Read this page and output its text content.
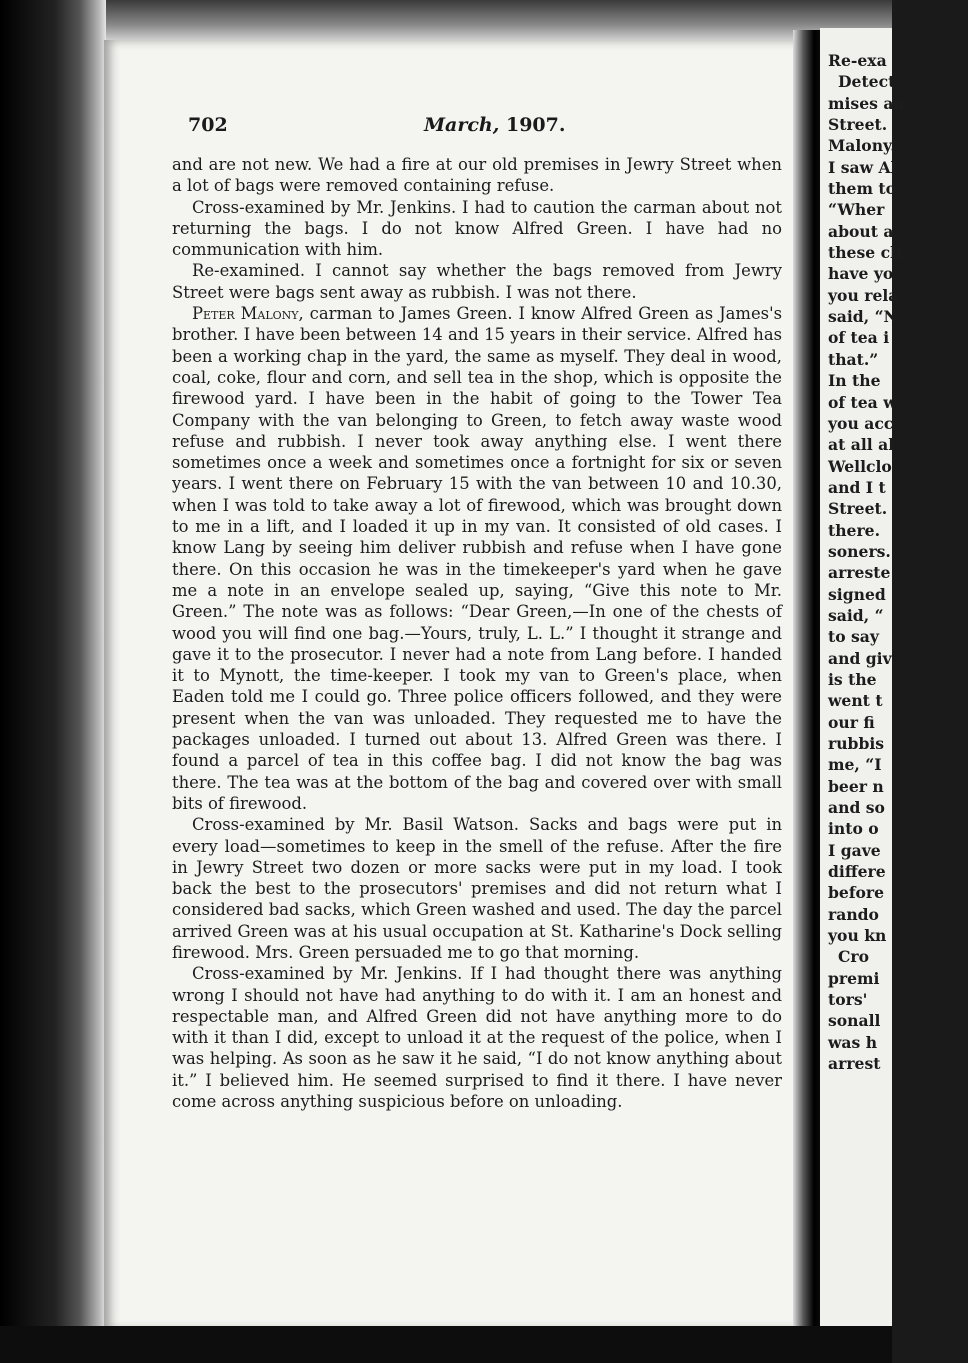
702	March, 1907.

and are not new. We had a fire at our old premises in Jewry Street when a lot of bags were removed containing refuse.

Cross-examined by Mr. Jenkins. I had to caution the carman about not returning the bags. I do not know Alfred Green. I have had no communication with him.

Re-examined. I cannot say whether the bags removed from Jewry Street were bags sent away as rubbish. I was not there.

Peter Malony, carman to James Green. I know Alfred Green as James's brother. I have been between 14 and 15 years in their service. Alfred has been a working chap in the yard, the same as myself. They deal in wood, coal, coke, flour and corn, and sell tea in the shop, which is opposite the firewood yard. I have been in the habit of going to the Tower Tea Company with the van belonging to Green, to fetch away waste wood refuse and rubbish. I never took away anything else. I went there sometimes once a week and sometimes once a fortnight for six or seven years. I went there on February 15 with the van between 10 and 10.30, when I was told to take away a lot of firewood, which was brought down to me in a lift, and I loaded it up in my van. It consisted of old cases. I know Lang by seeing him deliver rubbish and refuse when I have gone there. On this occasion he was in the timekeeper's yard when he gave me a note in an envelope sealed up, saying, “Give this note to Mr. Green.” The note was as follows: “Dear Green,—In one of the chests of wood you will find one bag.—Yours, truly, L. L.” I thought it strange and gave it to the prosecutor. I never had a note from Lang before. I handed it to Mynott, the time-keeper. I took my van to Green's place, when Eaden told me I could go. Three police officers followed, and they were present when the van was unloaded. They requested me to have the packages unloaded. I turned out about 13. Alfred Green was there. I found a parcel of tea in this coffee bag. I did not know the bag was there. The tea was at the bottom of the bag and covered over with small bits of firewood.

Cross-examined by Mr. Basil Watson. Sacks and bags were put in every load—sometimes to keep in the smell of the refuse. After the fire in Jewry Street two dozen or more sacks were put in my load. I took back the best to the prosecutors' premises and did not return what I considered bad sacks, which Green washed and used. The day the parcel arrived Green was at his usual occupation at St. Katharine's Dock selling firewood. Mrs. Green persuaded me to go that morning.

Cross-examined by Mr. Jenkins. If I had thought there was anything wrong I should not have had anything to do with it. I am an honest and respectable man, and Alfred Green did not have anything more to do with it than I did, except to unload it at the request of the police, when I was helping. As soon as he saw it he said, “I do not know anything about it.” I believed him. He seemed surprised to find it there. I have never come across anything suspicious before on unloading.

Re-exa
Detect
mises an
Street.
Malony.
I saw Al
them to
“Wher
about a
these ch
have yo
you rela
said, “N
of tea i
that.”
In the
of tea w
you acc
at all al
Wellclo
and I t
Street.
there.
soners.
arreste
signed
said, “
to say
and giv
is the
went t
our fi
rubbis
me, “I
beer n
and so
into o
I gave
differe
before
rando
you kn
Cro
premi
tors'
sonall
was h
arrest
